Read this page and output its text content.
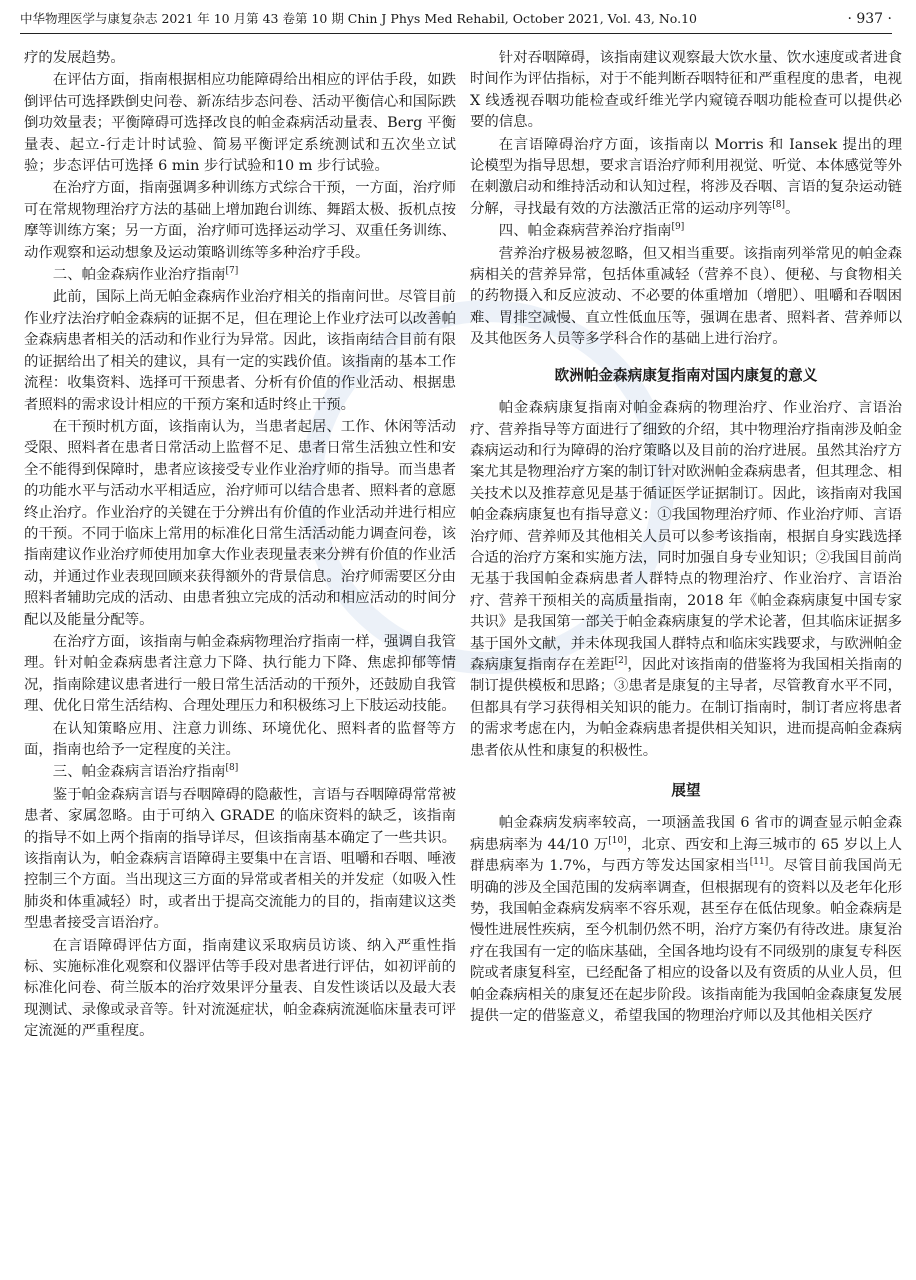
中华物理医学与康复杂志 2021 年 10 月第 43 卷第 10 期 Chin J Phys Med Rehabil, October 2021, Vol. 43, No.10	· 937 ·

疗的发展趋势。

在评估方面，指南根据相应功能障碍给出相应的评估手段，如跌倒评估可选择跌倒史问卷、新冻结步态问卷、活动平衡信心和国际跌倒功效量表；平衡障碍可选择改良的帕金森病活动量表、Berg 平衡量表、起立-行走计时试验、简易平衡评定系统测试和五次坐立试验；步态评估可选择 6 min 步行试验和10 m 步行试验。

在治疗方面，指南强调多种训练方式综合干预，一方面，治疗师可在常规物理治疗方法的基础上增加跑台训练、舞蹈太极、扳机点按摩等训练方案；另一方面，治疗师可选择运动学习、双重任务训练、动作观察和运动想象及运动策略训练等多种治疗手段。

二、帕金森病作业治疗指南[7]

此前，国际上尚无帕金森病作业治疗相关的指南问世。尽管目前作业疗法治疗帕金森病的证据不足，但在理论上作业疗法可以改善帕金森病患者相关的活动和作业行为异常。因此，该指南结合目前有限的证据给出了相关的建议，具有一定的实践价值。该指南的基本工作流程：收集资料、选择可干预患者、分析有价值的作业活动、根据患者照料的需求设计相应的干预方案和适时终止干预。

在干预时机方面，该指南认为，当患者起居、工作、休闲等活动受限、照料者在患者日常活动上监督不足、患者日常生活独立性和安全不能得到保障时，患者应该接受专业作业治疗师的指导。而当患者的功能水平与活动水平相适应，治疗师可以结合患者、照料者的意愿终止治疗。作业治疗的关键在于分辨出有价值的作业活动并进行相应的干预。不同于临床上常用的标准化日常生活活动能力调查问卷，该指南建议作业治疗师使用加拿大作业表现量表来分辨有价值的作业活动，并通过作业表现回顾来获得额外的背景信息。治疗师需要区分由照料者辅助完成的活动、由患者独立完成的活动和相应活动的时间分配以及能量分配等。

在治疗方面，该指南与帕金森病物理治疗指南一样，强调自我管理。针对帕金森病患者注意力下降、执行能力下降、焦虑抑郁等情况，指南除建议患者进行一般日常生活活动的干预外，还鼓励自我管理、优化日常生活结构、合理处理压力和积极练习上下肢运动技能。

在认知策略应用、注意力训练、环境优化、照料者的监督等方面，指南也给予一定程度的关注。

三、帕金森病言语治疗指南[8]

鉴于帕金森病言语与吞咽障碍的隐蔽性，言语与吞咽障碍常常被患者、家属忽略。由于可纳入 GRADE 的临床资料的缺乏，该指南的指导不如上两个指南的指导详尽，但该指南基本确定了一些共识。该指南认为，帕金森病言语障碍主要集中在言语、咀嚼和吞咽、唾液控制三个方面。当出现这三方面的异常或者相关的并发症（如吸入性肺炎和体重减轻）时，或者出于提高交流能力的目的，指南建议这类型患者接受言语治疗。

在言语障碍评估方面，指南建议采取病员访谈、纳入严重性指标、实施标准化观察和仪器评估等手段对患者进行评估，如初评前的标准化问卷、荷兰版本的治疗效果评分量表、自发性谈话以及最大表现测试、录像或录音等。针对流涎症状，帕金森病流涎临床量表可评定流涎的严重程度。

针对吞咽障碍，该指南建议观察最大饮水量、饮水速度或者进食时间作为评估指标，对于不能判断吞咽特征和严重程度的患者，电视 X 线透视吞咽功能检查或纤维光学内窥镜吞咽功能检查可以提供必要的信息。

在言语障碍治疗方面，该指南以 Morris 和 Iansek 提出的理论模型为指导思想，要求言语治疗师利用视觉、听觉、本体感觉等外在刺激启动和维持活动和认知过程，将涉及吞咽、言语的复杂运动链分解，寻找最有效的方法激活正常的运动序列等[8]。

四、帕金森病营养治疗指南[9]

营养治疗极易被忽略，但又相当重要。该指南列举常见的帕金森病相关的营养异常，包括体重减轻（营养不良）、便秘、与食物相关的药物摄入和反应波动、不必要的体重增加（增肥）、咀嚼和吞咽困难、胃排空减慢、直立性低血压等，强调在患者、照料者、营养师以及其他医务人员等多学科合作的基础上进行治疗。

欧洲帕金森病康复指南对国内康复的意义

帕金森病康复指南对帕金森病的物理治疗、作业治疗、言语治疗、营养指导等方面进行了细致的介绍，其中物理治疗指南涉及帕金森病运动和行为障碍的治疗策略以及目前的治疗进展。虽然其治疗方案尤其是物理治疗方案的制订针对欧洲帕金森病患者，但其理念、相关技术以及推荐意见是基于循证医学证据制订。因此，该指南对我国帕金森病康复也有指导意义：①我国物理治疗师、作业治疗师、言语治疗师、营养师及其他相关人员可以参考该指南，根据自身实践选择合适的治疗方案和实施方法，同时加强自身专业知识；②我国目前尚无基于我国帕金森病患者人群特点的物理治疗、作业治疗、言语治疗、营养干预相关的高质量指南，2018 年《帕金森病康复中国专家共识》是我国第一部关于帕金森病康复的学术论著，但其临床证据多基于国外文献，并未体现我国人群特点和临床实践要求，与欧洲帕金森病康复指南存在差距[2]，因此对该指南的借鉴将为我国相关指南的制订提供模板和思路；③患者是康复的主导者，尽管教育水平不同，但都具有学习获得相关知识的能力。在制订指南时，制订者应将患者的需求考虑在内，为帕金森病患者提供相关知识，进而提高帕金森病患者依从性和康复的积极性。

展望

帕金森病发病率较高，一项涵盖我国 6 省市的调查显示帕金森病患病率为 44/10 万[10]，北京、西安和上海三城市的 65 岁以上人群患病率为 1.7%，与西方等发达国家相当[11]。尽管目前我国尚无明确的涉及全国范围的发病率调查，但根据现有的资料以及老年化形势，我国帕金森病发病率不容乐观，甚至存在低估现象。帕金森病是慢性进展性疾病，至今机制仍然不明，治疗方案仍有待改进。康复治疗在我国有一定的临床基础，全国各地均设有不同级别的康复专科医院或者康复科室，已经配备了相应的设备以及有资质的从业人员，但帕金森病相关的康复还在起步阶段。该指南能为我国帕金森康复发展提供一定的借鉴意义，希望我国的物理治疗师以及其他相关医疗
